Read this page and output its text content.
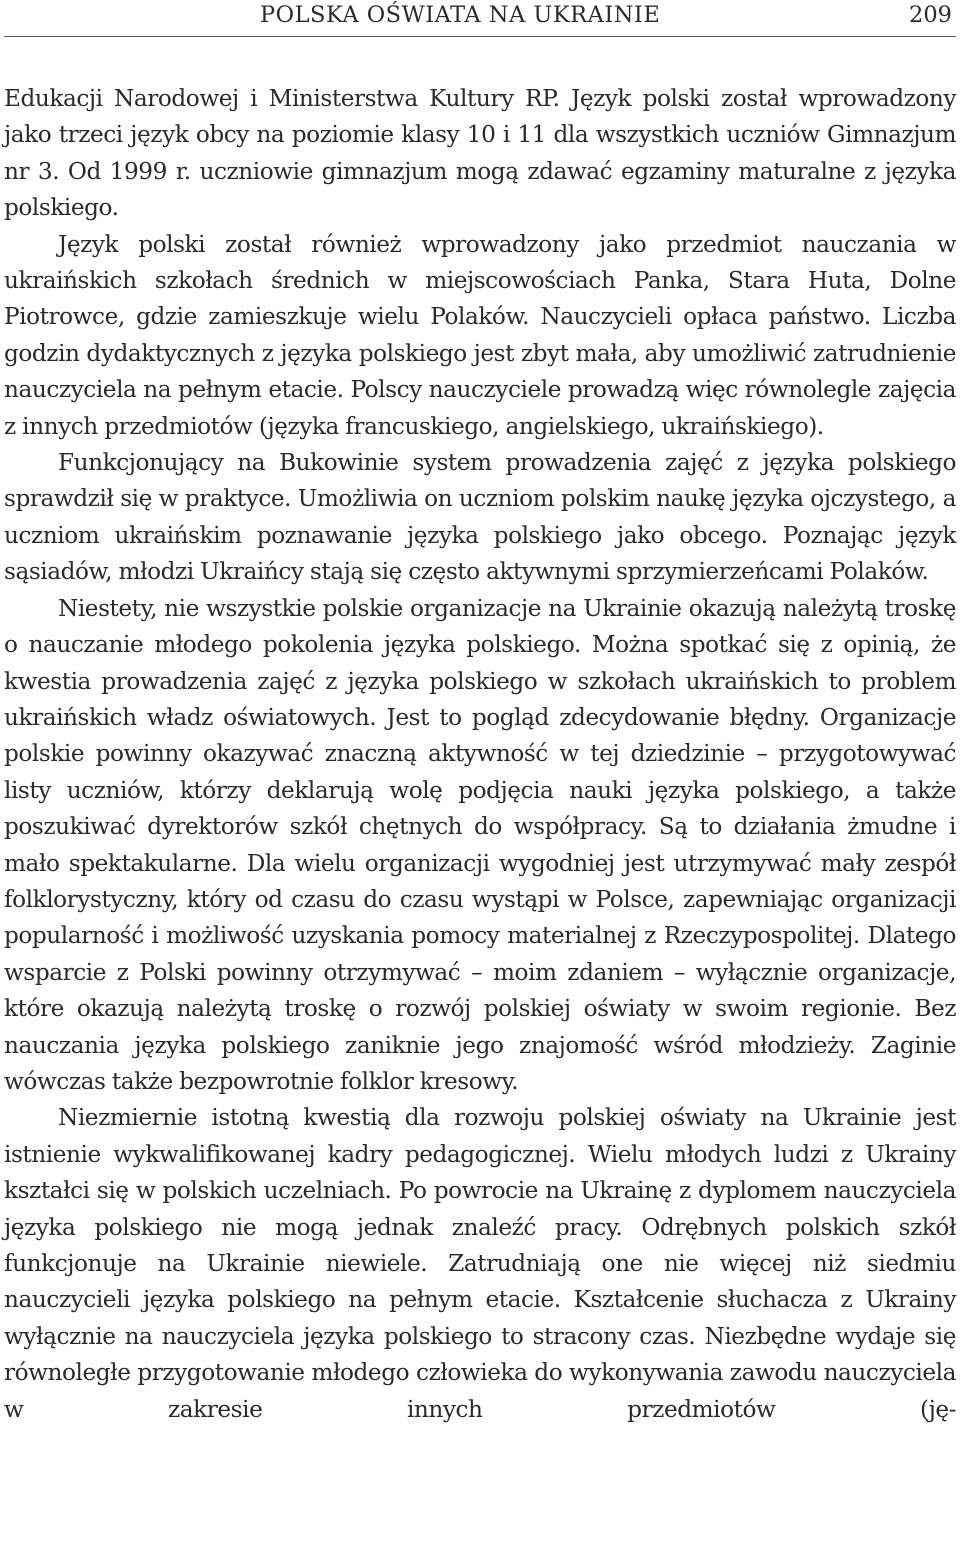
POLSKA OŚWIATA NA UKRAINIE	209

Edukacji Narodowej i Ministerstwa Kultury RP. Język polski został wprowadzony jako trzeci język obcy na poziomie klasy 10 i 11 dla wszystkich uczniów Gimnazjum nr 3. Od 1999 r. uczniowie gimnazjum mogą zdawać egzaminy maturalne z języka polskiego.

Język polski został również wprowadzony jako przedmiot nauczania w ukraińskich szkołach średnich w miejscowościach Panka, Stara Huta, Dolne Piotrowce, gdzie zamieszkuje wielu Polaków. Nauczycieli opłaca państwo. Liczba godzin dydaktycznych z języka polskiego jest zbyt mała, aby umożliwić zatrudnienie nauczyciela na pełnym etacie. Polscy nauczyciele prowadzą więc równolegle zajęcia z innych przedmiotów (języka francuskiego, angielskiego, ukraińskiego).

Funkcjonujący na Bukowinie system prowadzenia zajęć z języka polskiego sprawdził się w praktyce. Umożliwia on uczniom polskim naukę języka ojczystego, a uczniom ukraińskim poznawanie języka polskiego jako obcego. Poznając język sąsiadów, młodzi Ukraińcy stają się często aktywnymi sprzymierzeńcami Polaków.

Niestety, nie wszystkie polskie organizacje na Ukrainie okazują należytą troskę o nauczanie młodego pokolenia języka polskiego. Można spotkać się z opinią, że kwestia prowadzenia zajęć z języka polskiego w szkołach ukraińskich to problem ukraińskich władz oświatowych. Jest to pogląd zdecydowanie błędny. Organizacje polskie powinny okazywać znaczną aktywność w tej dziedzinie – przygotowywać listy uczniów, którzy deklarują wolę podjęcia nauki języka polskiego, a także poszukiwać dyrektorów szkół chętnych do współpracy. Są to działania żmudne i mało spektakularne. Dla wielu organizacji wygodniej jest utrzymywać mały zespół folklorystyczny, który od czasu do czasu wystąpi w Polsce, zapewniając organizacji popularność i możliwość uzyskania pomocy materialnej z Rzeczypospolitej. Dlatego wsparcie z Polski powinny otrzymywać – moim zdaniem – wyłącznie organizacje, które okazują należytą troskę o rozwój polskiej oświaty w swoim regionie. Bez nauczania języka polskiego zaniknie jego znajomość wśród młodzieży. Zaginie wówczas także bezpowrotnie folklor kresowy.

Niezmiernie istotną kwestią dla rozwoju polskiej oświaty na Ukrainie jest istnienie wykwalifikowanej kadry pedagogicznej. Wielu młodych ludzi z Ukrainy kształci się w polskich uczelniach. Po powrocie na Ukrainę z dyplomem nauczyciela języka polskiego nie mogą jednak znaleźć pracy. Odrębnych polskich szkół funkcjonuje na Ukrainie niewiele. Zatrudniają one nie więcej niż siedmiu nauczycieli języka polskiego na pełnym etacie. Kształcenie słuchacza z Ukrainy wyłącznie na nauczyciela języka polskiego to stracony czas. Niezbędne wydaje się równoległe przygotowanie młodego człowieka do wykonywania zawodu nauczyciela w zakresie innych przedmiotów (ję-
